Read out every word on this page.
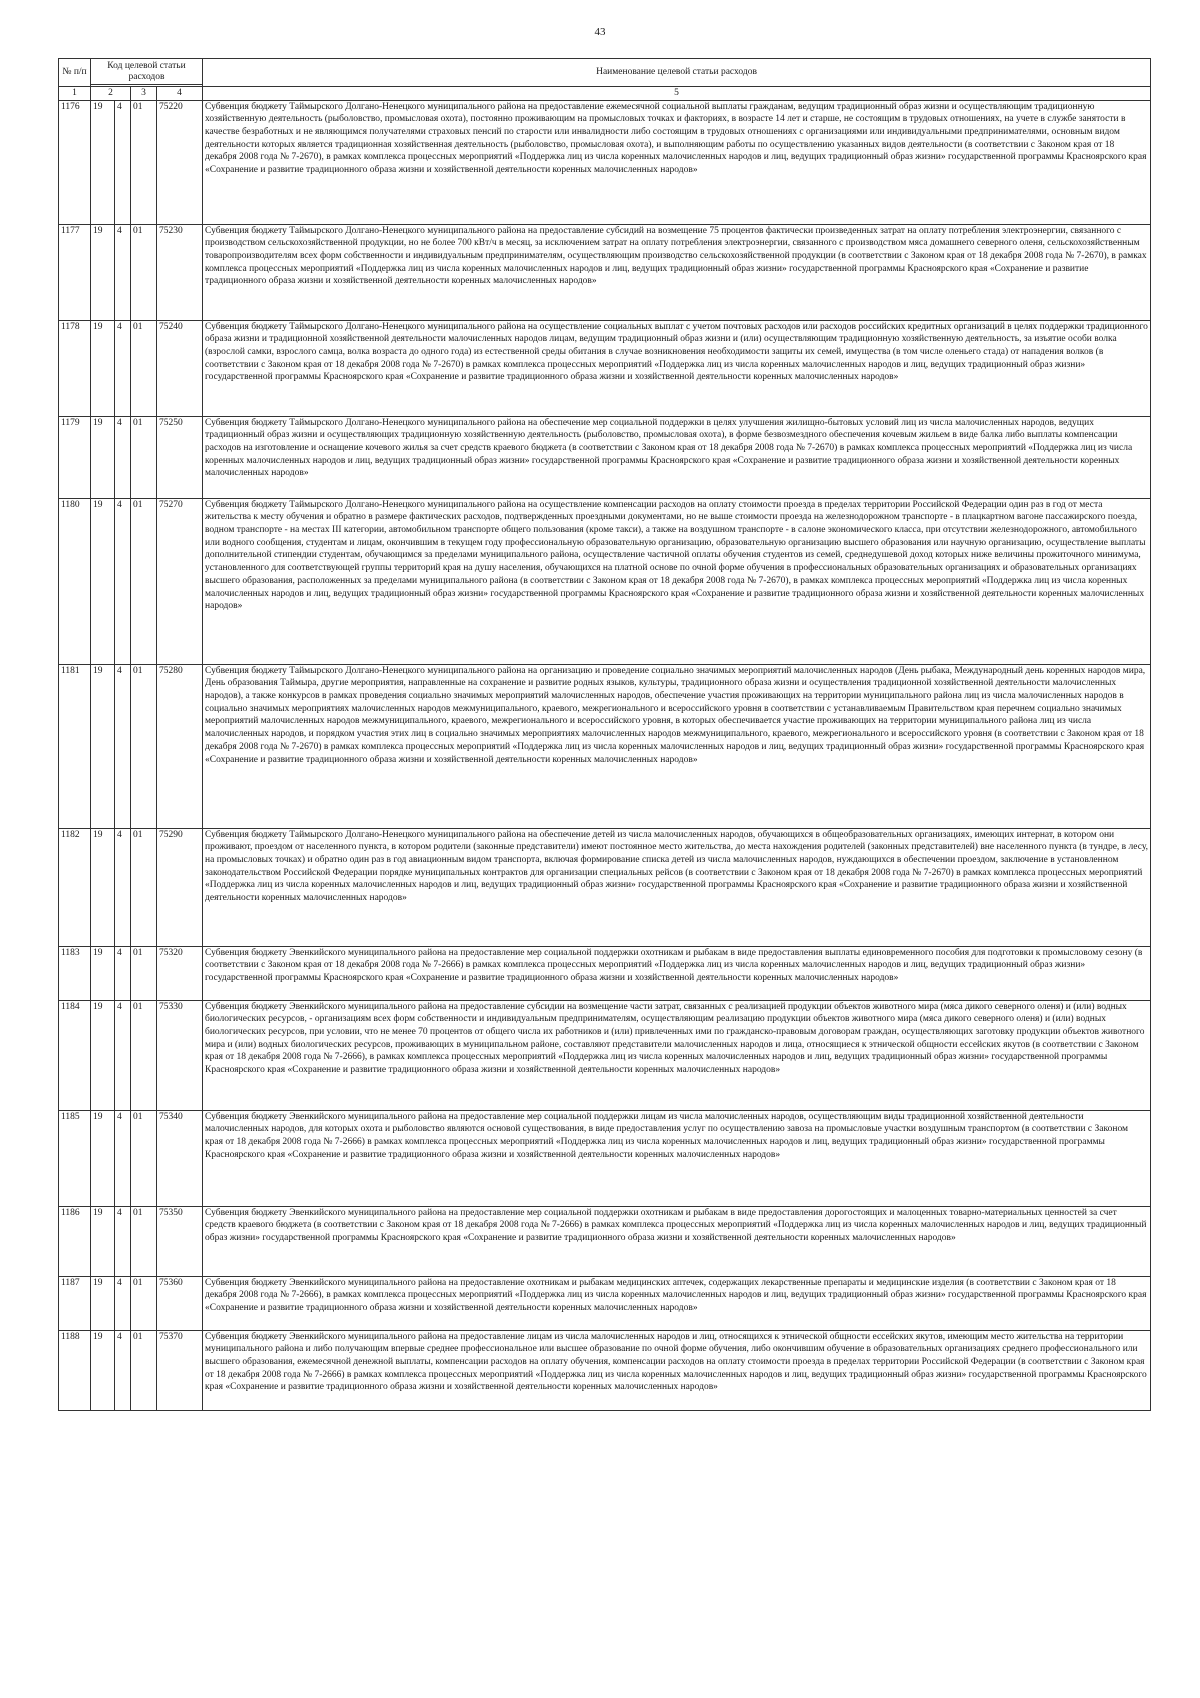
43
№ п/п	Код целевой статьи расходов				Наименование целевой статьи расходов

1	2		3	4	5
1176	19	4	01	75220	Субвенция бюджету Таймырского Долгано-Ненецкого муниципального района на предоставление ежемесячной социальной выплаты гражданам, ведущим традиционный образ жизни и осуществляющим традиционную хозяйственную деятельность (рыболовство, промысловая охота), постоянно проживающим на промысловых точках и факториях, в возрасте 14 лет и старше, не состоящим в трудовых отношениях, на учете в службе занятости в качестве безработных и не являющимся получателями страховых пенсий по старости или инвалидности либо состоящим в трудовых отношениях с организациями или индивидуальными предпринимателями, основным видом деятельности которых является традиционная хозяйственная деятельность (рыболовство, промысловая охота), и выполняющим работы по осуществлению указанных видов деятельности (в соответствии с Законом края от 18 декабря 2008 года № 7-2670), в рамках комплекса процессных мероприятий «Поддержка лиц из числа коренных малочисленных народов и лиц, ведущих традиционный образ жизни» государственной программы Красноярского края «Сохранение и развитие традиционного образа жизни и хозяйственной деятельности коренных малочисленных народов»
1177	19	4	01	75230	Субвенция бюджету Таймырского Долгано-Ненецкого муниципального района на предоставление субсидий на возмещение 75 процентов фактически произведенных затрат на оплату потребления электроэнергии, связанного с производством сельскохозяйственной продукции, но не более 700 кВт/ч в месяц, за исключением затрат на оплату потребления электроэнергии, связанного с производством мяса домашнего северного оленя, сельскохозяйственным товаропроизводителям всех форм собственности и индивидуальным предпринимателям, осуществляющим производство сельскохозяйственной продукции (в соответствии с Законом края от 18 декабря 2008 года № 7-2670), в рамках комплекса процессных мероприятий «Поддержка лиц из числа коренных малочисленных народов и лиц, ведущих традиционный образ жизни» государственной программы Красноярского края «Сохранение и развитие традиционного образа жизни и хозяйственной деятельности коренных малочисленных народов»
1178	19	4	01	75240	Субвенция бюджету Таймырского Долгано-Ненецкого муниципального района на осуществление социальных выплат с учетом почтовых расходов или расходов российских кредитных организаций в целях поддержки традиционного образа жизни и традиционной хозяйственной деятельности малочисленных народов лицам, ведущим традиционный образ жизни и (или) осуществляющим традиционную хозяйственную деятельность, за изъятие особи волка (взрослой самки, взрослого самца, волка возраста до одного года) из естественной среды обитания в случае возникновения необходимости защиты их семей, имущества (в том числе оленьего стада) от нападения волков (в соответствии с Законом края от 18 декабря 2008 года № 7-2670) в рамках комплекса процессных мероприятий «Поддержка лиц из числа коренных малочисленных народов и лиц, ведущих традиционный образ жизни» государственной программы Красноярского края «Сохранение и развитие традиционного образа жизни и хозяйственной деятельности коренных малочисленных народов»
1179	19	4	01	75250	Субвенция бюджету Таймырского Долгано-Ненецкого муниципального района на обеспечение мер социальной поддержки в целях улучшения жилищно-бытовых условий лиц из числа малочисленных народов, ведущих традиционный образ жизни и осуществляющих традиционную хозяйственную деятельность (рыболовство, промысловая охота), в форме безвозмездного обеспечения кочевым жильем в виде балка либо выплаты компенсации расходов на изготовление и оснащение кочевого жилья за счет средств краевого бюджета (в соответствии с Законом края от 18 декабря 2008 года № 7-2670) в рамках комплекса процессных мероприятий «Поддержка лиц из числа коренных малочисленных народов и лиц, ведущих традиционный образ жизни» государственной программы Красноярского края «Сохранение и развитие традиционного образа жизни и хозяйственной деятельности коренных малочисленных народов»
1180	19	4	01	75270	Субвенция бюджету Таймырского Долгано-Ненецкого муниципального района на осуществление компенсации расходов на оплату стоимости проезда в пределах территории Российской Федерации один раз в год от места жительства к месту обучения и обратно в размере фактических расходов, подтвержденных проездными документами, но не выше стоимости проезда на железнодорожном транспорте - в плацкартном вагоне пассажирского поезда, водном транспорте - на местах III категории, автомобильном транспорте общего пользования (кроме такси), а также на воздушном транспорте - в салоне экономического класса, при отсутствии железнодорожного, автомобильного или водного сообщения, студентам и лицам, окончившим в текущем году профессиональную образовательную организацию, образовательную организацию высшего образования или научную организацию, осуществление выплаты дополнительной стипендии студентам, обучающимся за пределами муниципального района, осуществление частичной оплаты обучения студентов из семей, среднедушевой доход которых ниже величины прожиточного минимума, установленного для соответствующей группы территорий края на душу населения, обучающихся на платной основе по очной форме обучения в профессиональных образовательных организациях и образовательных организациях высшего образования, расположенных за пределами муниципального района (в соответствии с Законом края от 18 декабря 2008 года № 7-2670), в рамках комплекса процессных мероприятий «Поддержка лиц из числа коренных малочисленных народов и лиц, ведущих традиционный образ жизни» государственной программы Красноярского края «Сохранение и развитие традиционного образа жизни и хозяйственной деятельности коренных малочисленных народов»
1181	19	4	01	75280	Субвенция бюджету Таймырского Долгано-Ненецкого муниципального района на организацию и проведение социально значимых мероприятий малочисленных народов (День рыбака, Международный день коренных народов мира, День образования Таймыра, другие мероприятия, направленные на сохранение и развитие родных языков, культуры, традиционного образа жизни и осуществления традиционной хозяйственной деятельности малочисленных народов), а также конкурсов в рамках проведения социально значимых мероприятий малочисленных народов, обеспечение участия проживающих на территории муниципального района лиц из числа малочисленных народов в социально значимых мероприятиях малочисленных народов межмуниципального, краевого, межрегионального и всероссийского уровня в соответствии с устанавливаемым Правительством края перечнем социально значимых мероприятий малочисленных народов межмуниципального, краевого, межрегионального и всероссийского уровня, в которых обеспечивается участие проживающих на территории муниципального района лиц из числа малочисленных народов, и порядком участия этих лиц в социально значимых мероприятиях малочисленных народов межмуниципального, краевого, межрегионального и всероссийского уровня (в соответствии с Законом края от 18 декабря 2008 года № 7-2670) в рамках комплекса процессных мероприятий «Поддержка лиц из числа коренных малочисленных народов и лиц, ведущих традиционный образ жизни» государственной программы Красноярского края «Сохранение и развитие традиционного образа жизни и хозяйственной деятельности коренных малочисленных народов»
1182	19	4	01	75290	Субвенция бюджету Таймырского Долгано-Ненецкого муниципального района на обеспечение детей из числа малочисленных народов, обучающихся в общеобразовательных организациях, имеющих интернат, в котором они проживают, проездом от населенного пункта, в котором родители (законные представители) имеют постоянное место жительства, до места нахождения родителей (законных представителей) вне населенного пункта (в тундре, в лесу, на промысловых точках) и обратно один раз в год авиационным видом транспорта, включая формирование списка детей из числа малочисленных народов, нуждающихся в обеспечении проездом, заключение в установленном законодательством Российской Федерации порядке муниципальных контрактов для организации специальных рейсов (в соответствии с Законом края от 18 декабря 2008 года № 7-2670) в рамках комплекса процессных мероприятий «Поддержка лиц из числа коренных малочисленных народов и лиц, ведущих традиционный образ жизни» государственной программы Красноярского края «Сохранение и развитие традиционного образа жизни и хозяйственной деятельности коренных малочисленных народов»
1183	19	4	01	75320	Субвенция бюджету Эвенкийского муниципального района на предоставление мер социальной поддержки охотникам и рыбакам в виде предоставления выплаты единовременного пособия для подготовки к промысловому сезону (в соответствии с Законом края от 18 декабря 2008 года № 7-2666) в рамках комплекса процессных мероприятий «Поддержка лиц из числа коренных малочисленных народов и лиц, ведущих традиционный образ жизни» государственной программы Красноярского края «Сохранение и развитие традиционного образа жизни и хозяйственной деятельности коренных малочисленных народов»
1184	19	4	01	75330	Субвенция бюджету Эвенкийского муниципального района на предоставление субсидии на возмещение части затрат, связанных с реализацией продукции объектов животного мира (мяса дикого северного оленя) и (или) водных биологических ресурсов, - организациям всех форм собственности и индивидуальным предпринимателям, осуществляющим реализацию продукции объектов животного мира (мяса дикого северного оленя) и (или) водных биологических ресурсов, при условии, что не менее 70 процентов от общего числа их работников и (или) привлеченных ими по гражданско-правовым договорам граждан, осуществляющих заготовку продукции объектов животного мира и (или) водных биологических ресурсов, проживающих в муниципальном районе, составляют представители малочисленных народов и лица, относящиеся к этнической общности ессейских якутов (в соответствии с Законом края от 18 декабря 2008 года № 7-2666), в рамках комплекса процессных мероприятий «Поддержка лиц из числа коренных малочисленных народов и лиц, ведущих традиционный образ жизни» государственной программы Красноярского края «Сохранение и развитие традиционного образа жизни и хозяйственной деятельности коренных малочисленных народов»
1185	19	4	01	75340	Субвенция бюджету Эвенкийского муниципального района на предоставление мер социальной поддержки лицам из числа малочисленных народов, осуществляющим виды традиционной хозяйственной деятельности малочисленных народов, для которых охота и рыболовство являются основой существования, в виде предоставления услуг по осуществлению завоза на промысловые участки воздушным транспортом (в соответствии с Законом края от 18 декабря 2008 года № 7-2666) в рамках комплекса процессных мероприятий «Поддержка лиц из числа коренных малочисленных народов и лиц, ведущих традиционный образ жизни» государственной программы Красноярского края «Сохранение и развитие традиционного образа жизни и хозяйственной деятельности коренных малочисленных народов»
1186	19	4	01	75350	Субвенция бюджету Эвенкийского муниципального района на предоставление мер социальной поддержки охотникам и рыбакам в виде предоставления дорогостоящих и малоценных товарно-материальных ценностей за счет средств краевого бюджета (в соответствии с Законом края от 18 декабря 2008 года № 7-2666) в рамках комплекса процессных мероприятий «Поддержка лиц из числа коренных малочисленных народов и лиц, ведущих традиционный образ жизни» государственной программы Красноярского края «Сохранение и развитие традиционного образа жизни и хозяйственной деятельности коренных малочисленных народов»
1187	19	4	01	75360	Субвенция бюджету Эвенкийского муниципального района на предоставление охотникам и рыбакам медицинских аптечек, содержащих лекарственные препараты и медицинские изделия (в соответствии с Законом края от 18 декабря 2008 года № 7-2666), в рамках комплекса процессных мероприятий «Поддержка лиц из числа коренных малочисленных народов и лиц, ведущих традиционный образ жизни» государственной программы Красноярского края «Сохранение и развитие традиционного образа жизни и хозяйственной деятельности коренных малочисленных народов»
1188	19	4	01	75370	Субвенция бюджету Эвенкийского муниципального района на предоставление лицам из числа малочисленных народов и лиц, относящихся к этнической общности ессейских якутов, имеющим место жительства на территории муниципального района и либо получающим впервые среднее профессиональное или высшее образование по очной форме обучения, либо окончившим обучение в образовательных организациях среднего профессионального или высшего образования, ежемесячной денежной выплаты, компенсации расходов на оплату обучения, компенсации расходов на оплату стоимости проезда в пределах территории Российской Федерации (в соответствии с Законом края от 18 декабря 2008 года № 7-2666) в рамках комплекса процессных мероприятий «Поддержка лиц из числа коренных малочисленных народов и лиц, ведущих традиционный образ жизни» государственной программы Красноярского края «Сохранение и развитие традиционного образа жизни и хозяйственной деятельности коренных малочисленных народов»
